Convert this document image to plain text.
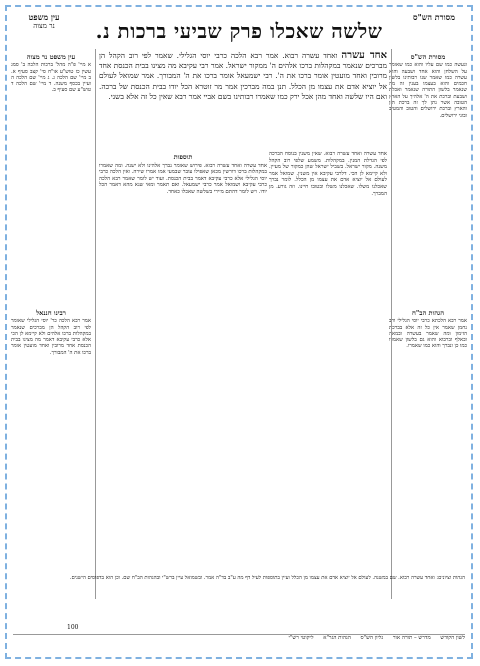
מסורת הש"ס
שלשה שאכלו פרק שביעי ברכות נ.
עין משפט
נר מצוה
מסורת הש"ס

ונעשה כמו שם עליו והוא כמו שאומר על השלחן והוא אחד ושבעה והוא עשרה כמו שאמר שנו רבותינו בלשון חכמים והוא בעצמו בענין זה מה שנאמר בלשון התורה שנאמר ואכלת ושבעת וברכת את ה' אלהיך על הארץ הטובה אשר נתן לך זה ברכת הזן והארץ וברכת ירושלים והטוב והמטיב ובוני ירושלים.

הגהות הב"ח

אמר רבא הלכתא כרבי יוסי הגלילי ורב נחמן שאמר אין כל זה אלא בברכת הזימון ומה שאמר בעשרה ובמאה ובאלף וברבוא והוא גם בלשון שאמרו כמו כן ונברך והוא כמו שאמרו.

עין משפט נר מצוה

א מיי' פ"ה מהל' ברכות הלכה ב' סמג עשין כז טוש"ע או"ח סי' קצב סעיף א. ב מיי' שם הלכה ג. ג מיי' שם הלכה ה ועיין בכסף משנה. ד מיי' שם הלכה ד טוש"ע שם סעיף ב.

רבינו חננאל

אמר רבא הלכה כר' יוסי הגלילי שאומר לפי רוב הקהל הן מברכים שנאמר במקהלות ברכו אלהים ולא קיימא לן הכי אלא כרבי עקיבא דאמר מה מצינו בבית הכנסת אחד מרובין ואחד מועטין אומר ברכו את ה' המבורך.

אחד עשרה ואחד עשרה רבוא. אמר רבא הלכה כרבי יוסי הגלילי. שאמר לפי רוב הקהל הן מברכים שנאמר במקהלות ברכו אלהים ה' ממקור ישראל. אמר רבי עקיבא מה מצינו בבית הכנסת אחד מרובין ואחד מועטין אומר ברכו את ה'. רבי ישמעאל אומר ברכו את ה' המבורך. אמר שמואל לעולם אל יוציא אדם את עצמו מן הכלל. תנן במה מברכין אמר מר זוטרא הכל יודו בבית הכנסת של ברכה. ואם היו שלשה ואחד מהן אכל ירק כמו שאמרו רבותינו בשם אביי אמר רבא שאין כל זה אלא בשני.
אחד עשרה ואחד עשרה רבוא. שאין משנין בנוסח הברכה לפי הגדלת המנין. במקהלות. משמע שלפי רוב הקהל משנה. מקור ישראל. בשביל ישראל שהן כמקור של מעיין. ולא קיימא לן הכי. דלרבי עקיבא אין משנין. שמואל אמר לעולם אל יוציא אדם את עצמו מן הכלל. לומר נברך שאכלנו משלו. שאכלנו משלו ובטובו חיינו. וזה גורע. מן המברך.
תוספות
אחד עשרה ואחד עשרה רבוא. פירוש שאומר נברך אלהינו ולא ישנה. ומה שאמרו במקהלות ברכו דורשין מכאן שאפילו עובר שבמעי אמו אמרו שירה. ואין הלכה כרבי יוסי הגלילי אלא כרבי עקיבא דאמר בבית הכנסת. ועוד יש לומר שאמר רבא הלכה כרבי עקיבא ושמואל אמר כרבי ישמעאל. ואם תאמר ומאי שנא מהא דאמר הכל יודו. ויש לומר דהתם מיירי בשלשה שאכלו כאחד.
הגהות וציונים: ואחד עשרה רבוא. שם במשנה. לעולם אל יוציא אדם את עצמו מן הכלל ועיין בתוספות לעיל דף מה ע"ב בד"ה אמר. ובשמואל עיין ברש"י ובהגהות הב"ח שם. וכן הוא בדפוסים הישנים.
100
לשון הקודש מדרש – תורה אור גליון הש"ס הגהות הגר"א ליקוטי רש"י
